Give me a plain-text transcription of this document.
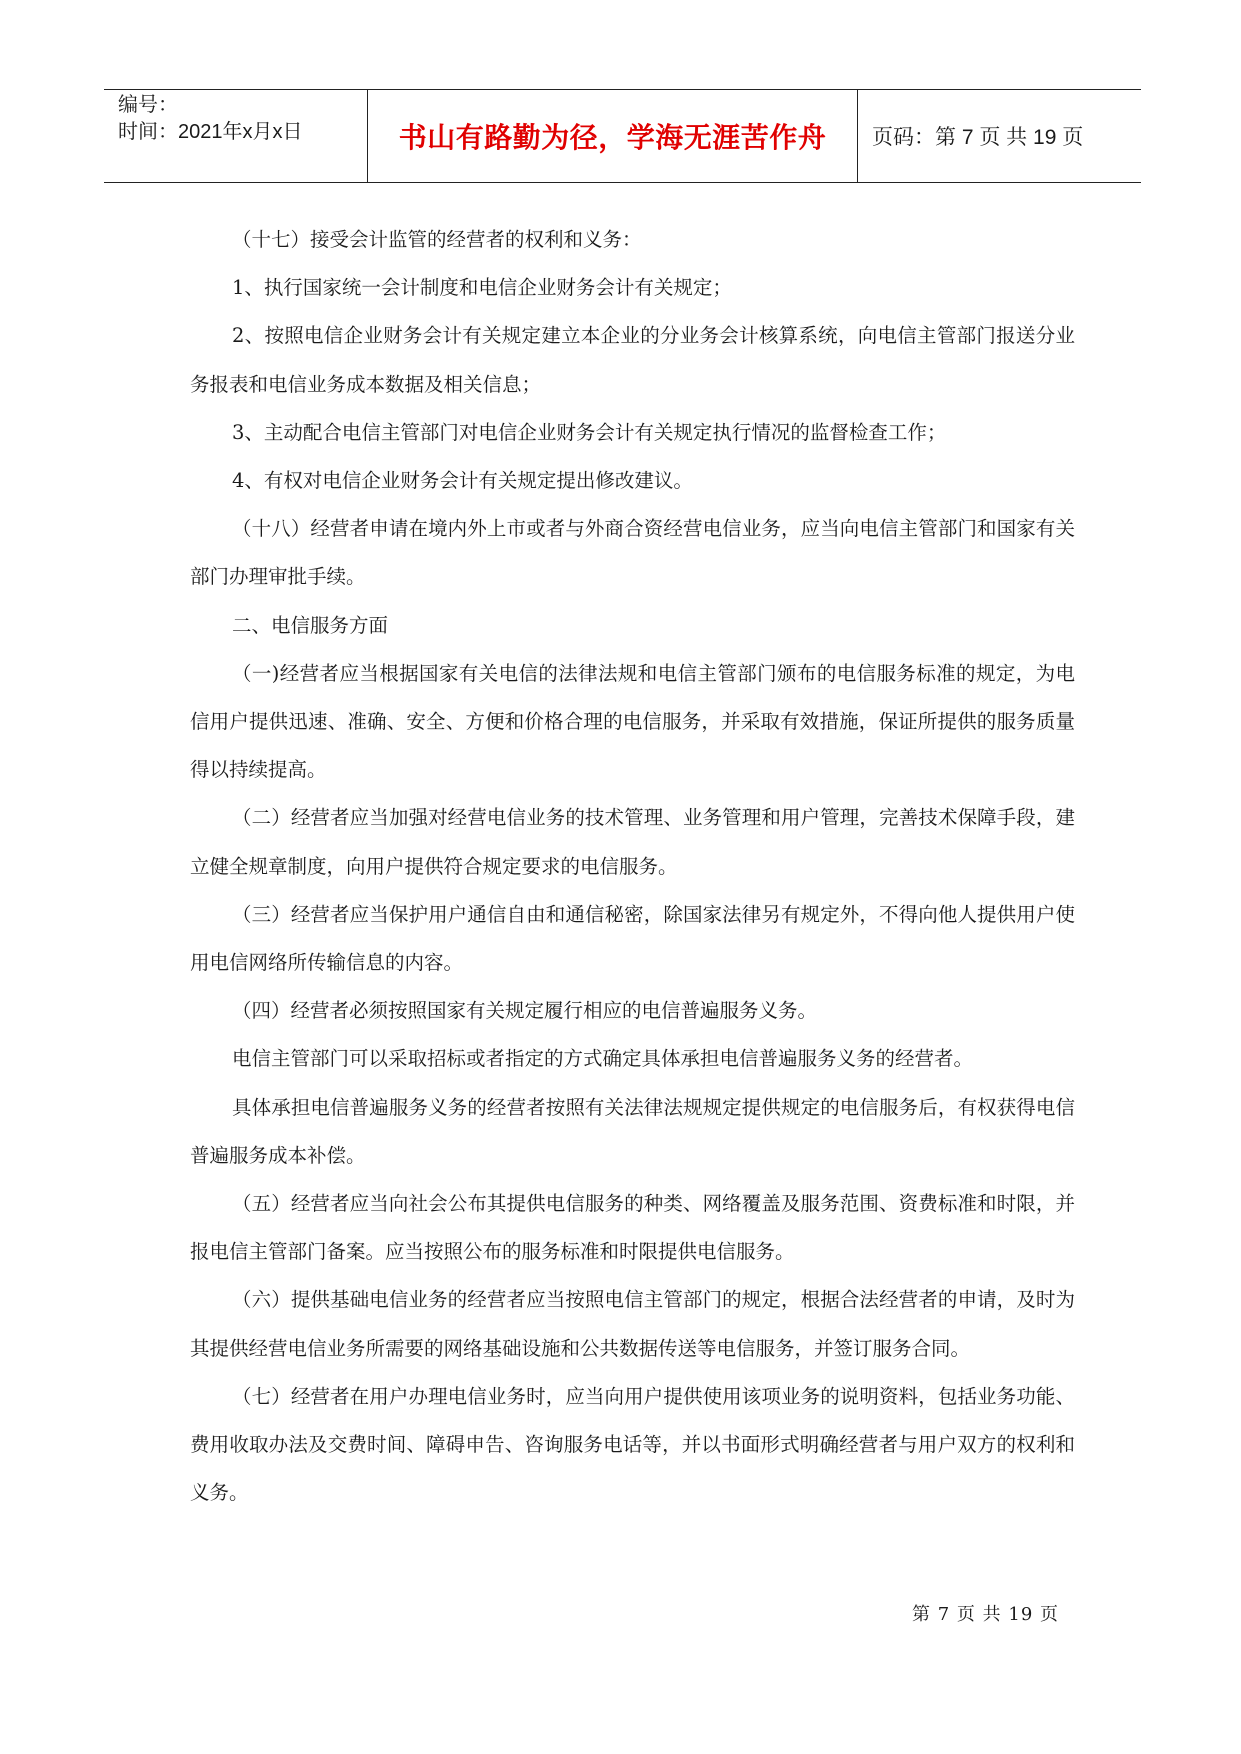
编号：
时间：2021年x月x日	书山有路勤为径，学海无涯苦作舟	页码：第 7 页 共 19 页

（十七）接受会计监管的经营者的权利和义务：

1、执行国家统一会计制度和电信企业财务会计有关规定；

2、按照电信企业财务会计有关规定建立本企业的分业务会计核算系统，向电信主管部门报送分业务报表和电信业务成本数据及相关信息；

3、主动配合电信主管部门对电信企业财务会计有关规定执行情况的监督检查工作；

4、有权对电信企业财务会计有关规定提出修改建议。

（十八）经营者申请在境内外上市或者与外商合资经营电信业务，应当向电信主管部门和国家有关部门办理审批手续。

二、电信服务方面

（一)经营者应当根据国家有关电信的法律法规和电信主管部门颁布的电信服务标准的规定，为电信用户提供迅速、准确、安全、方便和价格合理的电信服务，并采取有效措施，保证所提供的服务质量得以持续提高。

（二）经营者应当加强对经营电信业务的技术管理、业务管理和用户管理，完善技术保障手段，建立健全规章制度，向用户提供符合规定要求的电信服务。

（三）经营者应当保护用户通信自由和通信秘密，除国家法律另有规定外，不得向他人提供用户使用电信网络所传输信息的内容。

（四）经营者必须按照国家有关规定履行相应的电信普遍服务义务。

电信主管部门可以采取招标或者指定的方式确定具体承担电信普遍服务义务的经营者。

具体承担电信普遍服务义务的经营者按照有关法律法规规定提供规定的电信服务后，有权获得电信普遍服务成本补偿。

（五）经营者应当向社会公布其提供电信服务的种类、网络覆盖及服务范围、资费标准和时限，并报电信主管部门备案。应当按照公布的服务标准和时限提供电信服务。

（六）提供基础电信业务的经营者应当按照电信主管部门的规定，根据合法经营者的申请，及时为其提供经营电信业务所需要的网络基础设施和公共数据传送等电信服务，并签订服务合同。

（七）经营者在用户办理电信业务时，应当向用户提供使用该项业务的说明资料，包括业务功能、费用收取办法及交费时间、障碍申告、咨询服务电话等，并以书面形式明确经营者与用户双方的权利和义务。

第 7 页 共 19 页
